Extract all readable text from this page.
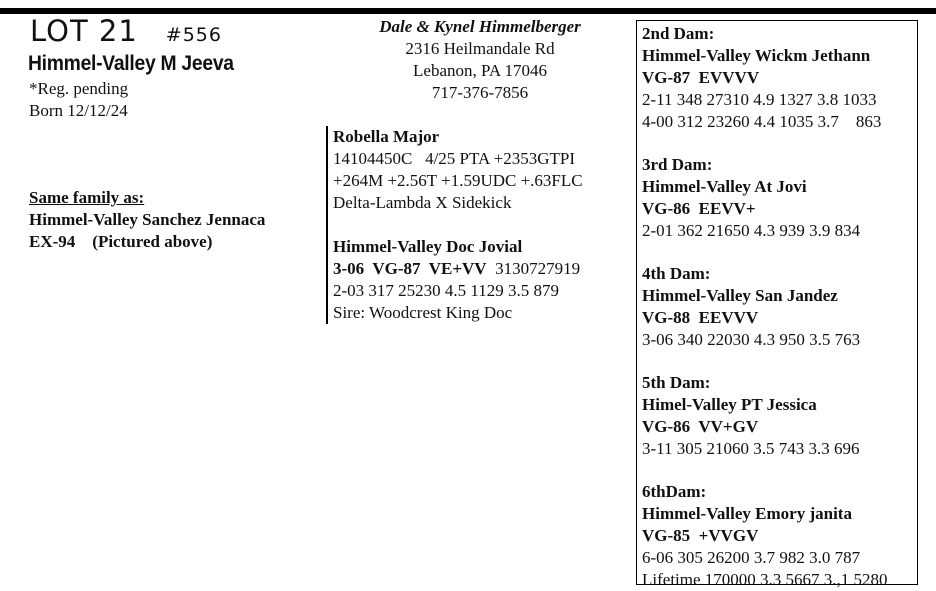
LOT 21 #556
Himmel-Valley M Jeeva
*Reg. pending
Born 12/12/24
Same family as:
Himmel-Valley Sanchez Jennaca
EX-94    (Pictured above)
Dale & Kynel Himmelberger
2316 Heilmandale Rd
Lebanon, PA 17046
717-376-7856
Robella Major
14104450C   4/25 PTA +2353GTPI
+264M +2.56T +1.59UDC +.63FLC
Delta-Lambda X Sidekick
Himmel-Valley Doc Jovial
3-06  VG-87  VE+VV  3130727919
2-03 317 25230 4.5 1129 3.5 879
Sire: Woodcrest King Doc
2nd Dam:
Himmel-Valley Wickm Jethann
VG-87  EVVVV
2-11 348 27310 4.9 1327 3.8 1033
4-00 312 23260 4.4 1035 3.7    863
3rd Dam:
Himmel-Valley At Jovi
VG-86  EEVV+
2-01 362 21650 4.3 939 3.9 834
4th Dam:
Himmel-Valley San Jandez
VG-88  EEVVV
3-06 340 22030 4.3 950 3.5 763
5th Dam:
Himel-Valley PT Jessica
VG-86  VV+GV
3-11 305 21060 3.5 743 3.3 696
6thDam:
Himmel-Valley Emory janita
VG-85  +VVGV
6-06 305 26200 3.7 982 3.0 787
Lifetime 170000 3.3 5667 3.,1 5280
